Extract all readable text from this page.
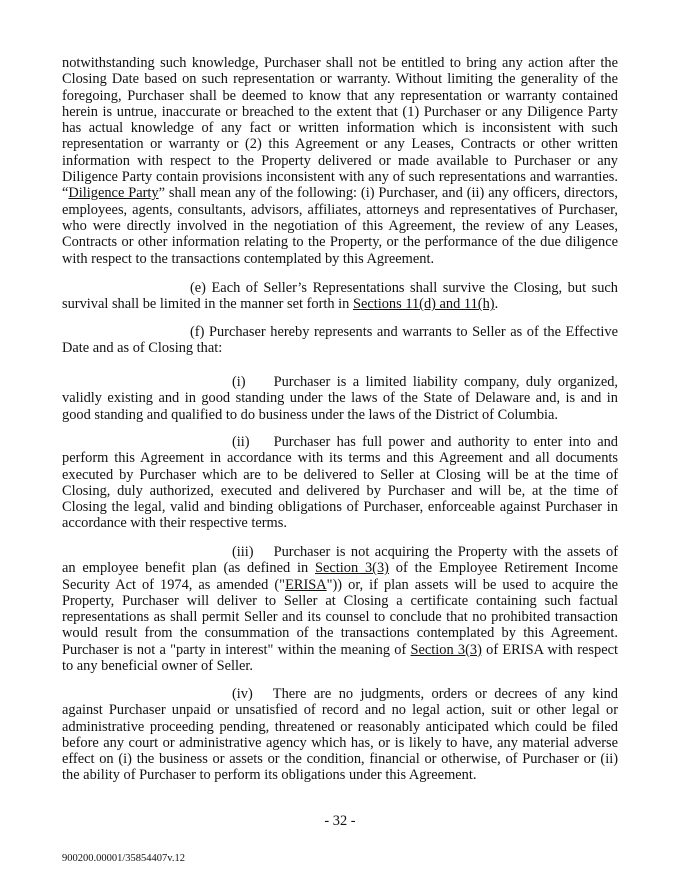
notwithstanding such knowledge, Purchaser shall not be entitled to bring any action after the Closing Date based on such representation or warranty. Without limiting the generality of the foregoing, Purchaser shall be deemed to know that any representation or warranty contained herein is untrue, inaccurate or breached to the extent that (1) Purchaser or any Diligence Party has actual knowledge of any fact or written information which is inconsistent with such representation or warranty or (2) this Agreement or any Leases, Contracts or other written information with respect to the Property delivered or made available to Purchaser or any Diligence Party contain provisions inconsistent with any of such representations and warranties. “Diligence Party” shall mean any of the following: (i) Purchaser, and (ii) any officers, directors, employees, agents, consultants, advisors, affiliates, attorneys and representatives of Purchaser, who were directly involved in the negotiation of this Agreement, the review of any Leases, Contracts or other information relating to the Property, or the performance of the due diligence with respect to the transactions contemplated by this Agreement.

(e) Each of Seller’s Representations shall survive the Closing, but such survival shall be limited in the manner set forth in Sections 11(d) and 11(h).

(f) Purchaser hereby represents and warrants to Seller as of the Effective Date and as of Closing that:

(i) Purchaser is a limited liability company, duly organized, validly existing and in good standing under the laws of the State of Delaware and, is and in good standing and qualified to do business under the laws of the District of Columbia.

(ii) Purchaser has full power and authority to enter into and perform this Agreement in accordance with its terms and this Agreement and all documents executed by Purchaser which are to be delivered to Seller at Closing will be at the time of Closing, duly authorized, executed and delivered by Purchaser and will be, at the time of Closing the legal, valid and binding obligations of Purchaser, enforceable against Purchaser in accordance with their respective terms.

(iii) Purchaser is not acquiring the Property with the assets of an employee benefit plan (as defined in Section 3(3) of the Employee Retirement Income Security Act of 1974, as amended ("ERISA")) or, if plan assets will be used to acquire the Property, Purchaser will deliver to Seller at Closing a certificate containing such factual representations as shall permit Seller and its counsel to conclude that no prohibited transaction would result from the consummation of the transactions contemplated by this Agreement. Purchaser is not a "party in interest" within the meaning of Section 3(3) of ERISA with respect to any beneficial owner of Seller.

(iv) There are no judgments, orders or decrees of any kind against Purchaser unpaid or unsatisfied of record and no legal action, suit or other legal or administrative proceeding pending, threatened or reasonably anticipated which could be filed before any court or administrative agency which has, or is likely to have, any material adverse effect on (i) the business or assets or the condition, financial or otherwise, of Purchaser or (ii) the ability of Purchaser to perform its obligations under this Agreement.

- 32 -
900200.00001/35854407v.12
